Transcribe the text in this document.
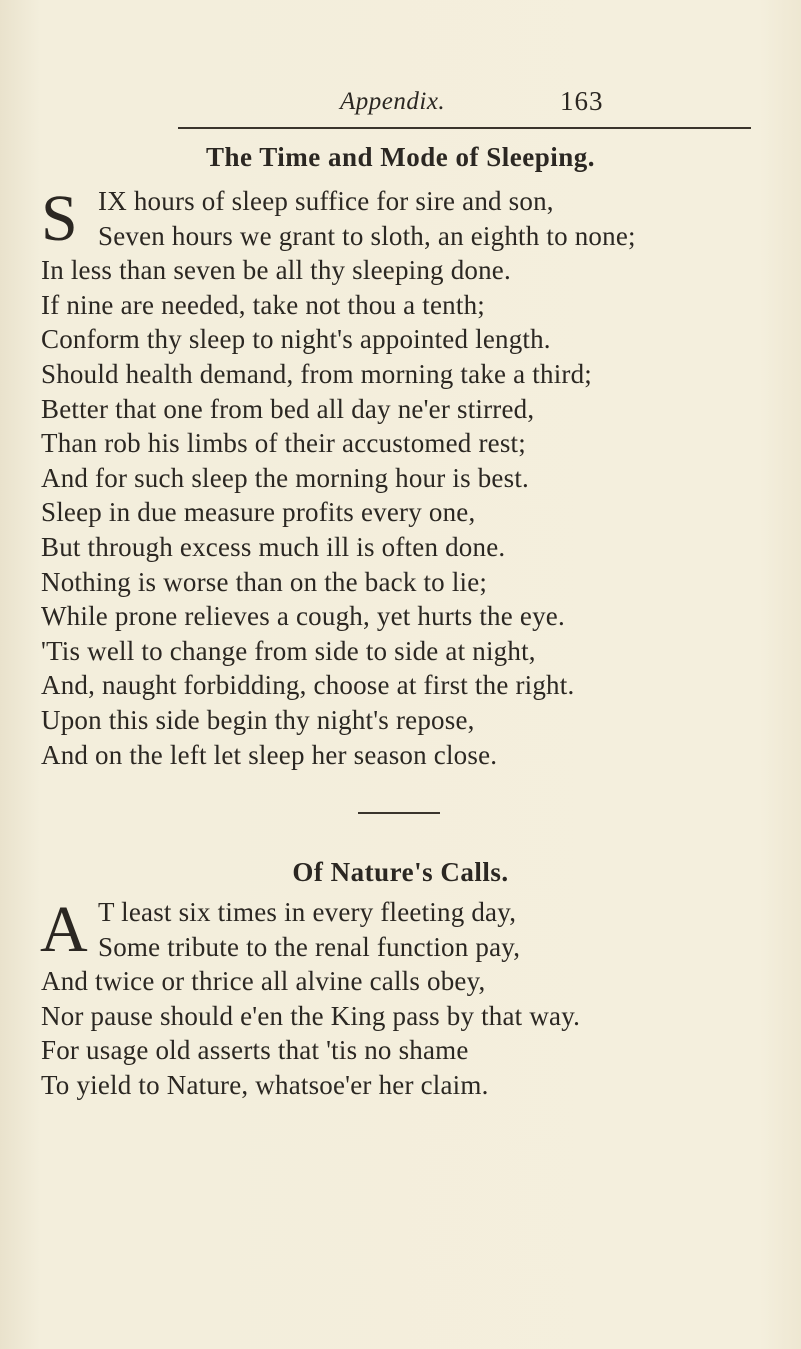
Appendix.	163
The Time and Mode of Sleeping.
S IX hours of sleep suffice for sire and son,
Seven hours we grant to sloth, an eighth to none;
In less than seven be all thy sleeping done.
If nine are needed, take not thou a tenth;
Conform thy sleep to night's appointed length.
Should health demand, from morning take a third;
Better that one from bed all day ne'er stirred,
Than rob his limbs of their accustomed rest;
And for such sleep the morning hour is best.
Sleep in due measure profits every one,
But through excess much ill is often done.
Nothing is worse than on the back to lie;
While prone relieves a cough, yet hurts the eye.
'Tis well to change from side to side at night,
And, naught forbidding, choose at first the right.
Upon this side begin thy night's repose,
And on the left let sleep her season close.
Of Nature's Calls.
A T least six times in every fleeting day,
Some tribute to the renal function pay,
And twice or thrice all alvine calls obey,
Nor pause should e'en the King pass by that way.
For usage old asserts that 'tis no shame
To yield to Nature, whatsoe'er her claim.
